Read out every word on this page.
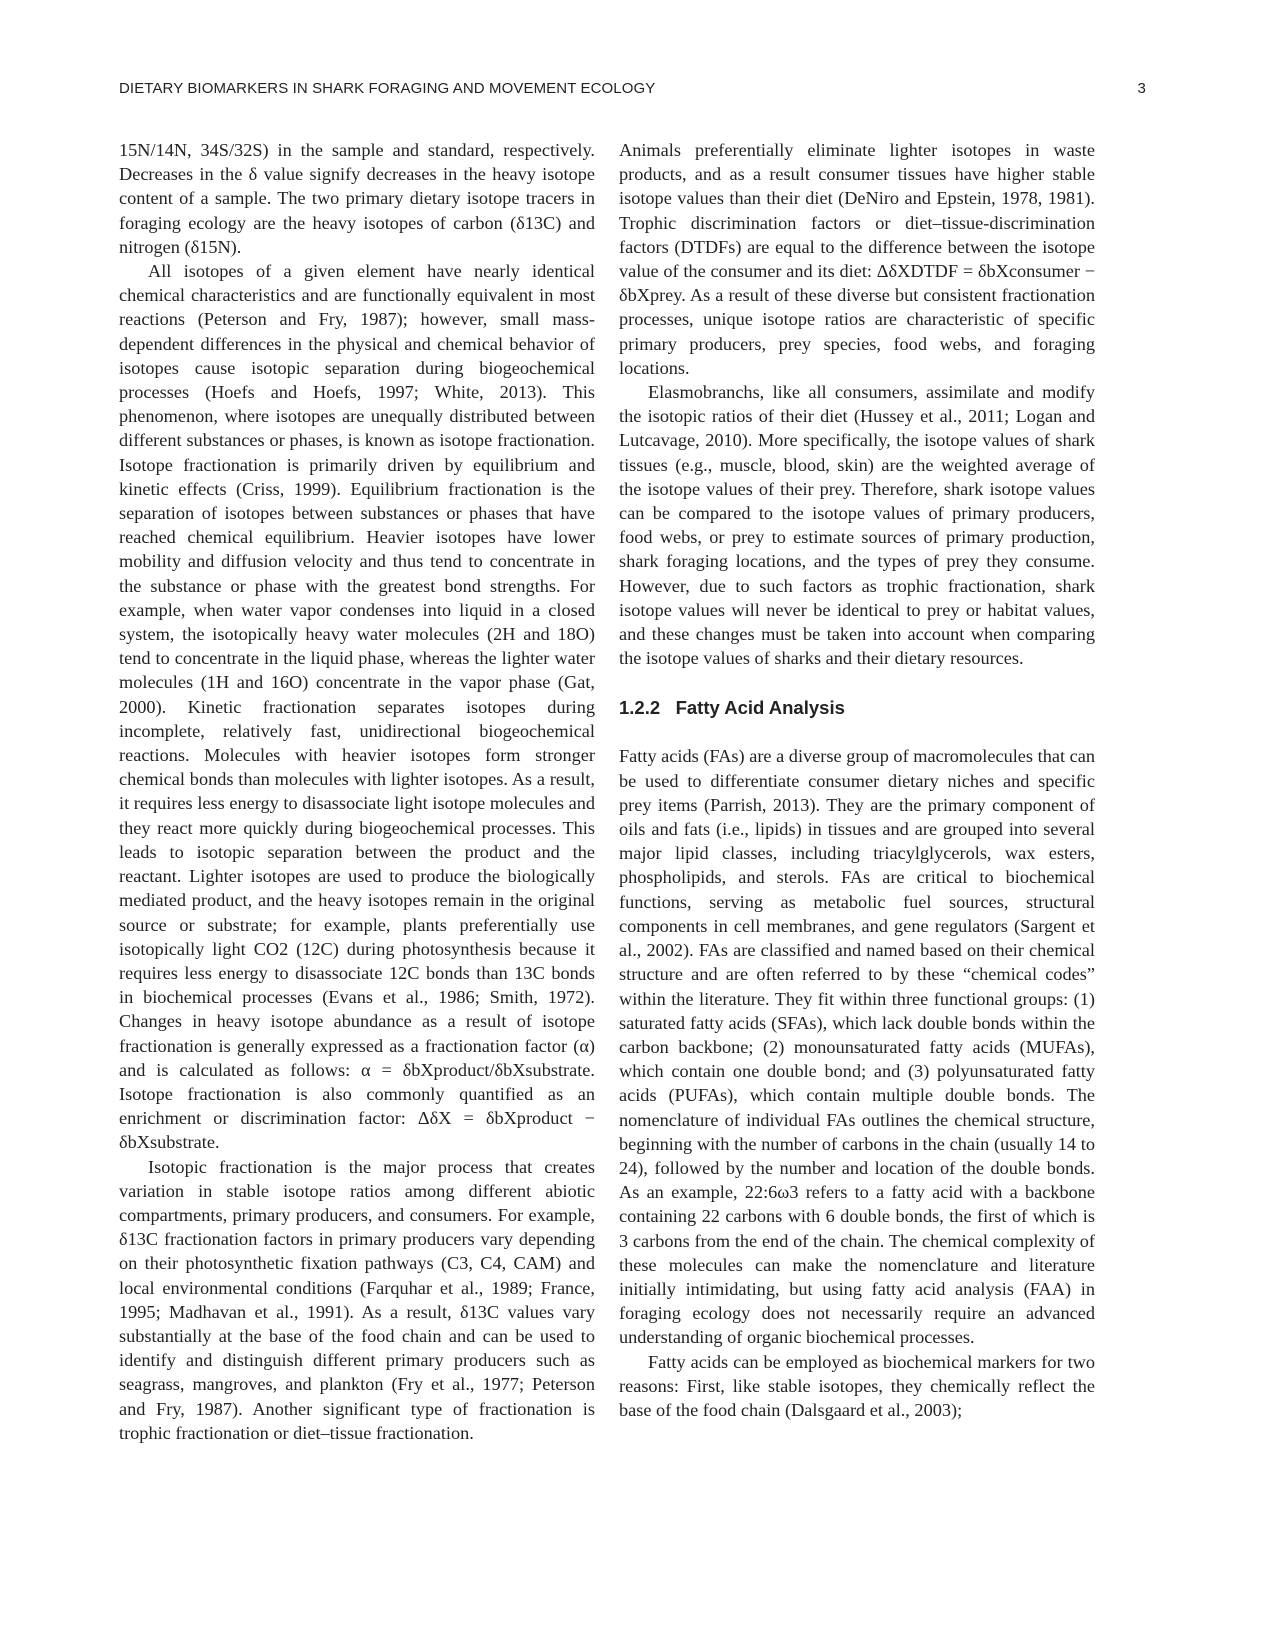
DIETARY BIOMARKERS IN SHARK FORAGING AND MOVEMENT ECOLOGY	3

15N/14N, 34S/32S) in the sample and standard, respectively. Decreases in the δ value signify decreases in the heavy isotope content of a sample. The two primary dietary isotope tracers in foraging ecology are the heavy isotopes of carbon (δ13C) and nitrogen (δ15N).

All isotopes of a given element have nearly identical chemical characteristics and are functionally equivalent in most reactions (Peterson and Fry, 1987); however, small mass-dependent differences in the physical and chemical behavior of isotopes cause isotopic separation during biogeochemical processes (Hoefs and Hoefs, 1997; White, 2013). This phenomenon, where isotopes are unequally distributed between different substances or phases, is known as isotope fractionation. Isotope fractionation is primarily driven by equilibrium and kinetic effects (Criss, 1999). Equilibrium fractionation is the separation of isotopes between substances or phases that have reached chemical equilibrium. Heavier isotopes have lower mobility and diffusion velocity and thus tend to concentrate in the substance or phase with the greatest bond strengths. For example, when water vapor condenses into liquid in a closed system, the isotopically heavy water molecules (2H and 18O) tend to concentrate in the liquid phase, whereas the lighter water molecules (1H and 16O) concentrate in the vapor phase (Gat, 2000). Kinetic fractionation separates isotopes during incomplete, relatively fast, unidirectional biogeochemical reactions. Molecules with heavier isotopes form stronger chemical bonds than molecules with lighter isotopes. As a result, it requires less energy to disassociate light isotope molecules and they react more quickly during biogeochemical processes. This leads to isotopic separation between the product and the reactant. Lighter isotopes are used to produce the biologically mediated product, and the heavy isotopes remain in the original source or substrate; for example, plants preferentially use isotopically light CO2 (12C) during photosynthesis because it requires less energy to disassociate 12C bonds than 13C bonds in biochemical processes (Evans et al., 1986; Smith, 1972). Changes in heavy isotope abundance as a result of isotope fractionation is generally expressed as a fractionation factor (α) and is calculated as follows: α = δbXproduct/δbXsubstrate. Isotope fractionation is also commonly quantified as an enrichment or discrimination factor: ΔδX = δbXproduct − δbXsubstrate.

Isotopic fractionation is the major process that creates variation in stable isotope ratios among different abiotic compartments, primary producers, and consumers. For example, δ13C fractionation factors in primary producers vary depending on their photosynthetic fixation pathways (C3, C4, CAM) and local environmental conditions (Farquhar et al., 1989; France, 1995; Madhavan et al., 1991). As a result, δ13C values vary substantially at the base of the food chain and can be used to identify and distinguish different primary producers such as seagrass, mangroves, and plankton (Fry et al., 1977; Peterson and Fry, 1987). Another significant type of fractionation is trophic fractionation or diet–tissue fractionation.

Animals preferentially eliminate lighter isotopes in waste products, and as a result consumer tissues have higher stable isotope values than their diet (DeNiro and Epstein, 1978, 1981). Trophic discrimination factors or diet–tissue-discrimination factors (DTDFs) are equal to the difference between the isotope value of the consumer and its diet: ΔδXDTDF = δbXconsumer − δbXprey. As a result of these diverse but consistent fractionation processes, unique isotope ratios are characteristic of specific primary producers, prey species, food webs, and foraging locations.

Elasmobranchs, like all consumers, assimilate and modify the isotopic ratios of their diet (Hussey et al., 2011; Logan and Lutcavage, 2010). More specifically, the isotope values of shark tissues (e.g., muscle, blood, skin) are the weighted average of the isotope values of their prey. Therefore, shark isotope values can be compared to the isotope values of primary producers, food webs, or prey to estimate sources of primary production, shark foraging locations, and the types of prey they consume. However, due to such factors as trophic fractionation, shark isotope values will never be identical to prey or habitat values, and these changes must be taken into account when comparing the isotope values of sharks and their dietary resources.

1.2.2 Fatty Acid Analysis

Fatty acids (FAs) are a diverse group of macromolecules that can be used to differentiate consumer dietary niches and specific prey items (Parrish, 2013). They are the primary component of oils and fats (i.e., lipids) in tissues and are grouped into several major lipid classes, including triacylglycerols, wax esters, phospholipids, and sterols. FAs are critical to biochemical functions, serving as metabolic fuel sources, structural components in cell membranes, and gene regulators (Sargent et al., 2002). FAs are classified and named based on their chemical structure and are often referred to by these “chemical codes” within the literature. They fit within three functional groups: (1) saturated fatty acids (SFAs), which lack double bonds within the carbon backbone; (2) monounsaturated fatty acids (MUFAs), which contain one double bond; and (3) polyunsaturated fatty acids (PUFAs), which contain multiple double bonds. The nomenclature of individual FAs outlines the chemical structure, beginning with the number of carbons in the chain (usually 14 to 24), followed by the number and location of the double bonds. As an example, 22:6ω3 refers to a fatty acid with a backbone containing 22 carbons with 6 double bonds, the first of which is 3 carbons from the end of the chain. The chemical complexity of these molecules can make the nomenclature and literature initially intimidating, but using fatty acid analysis (FAA) in foraging ecology does not necessarily require an advanced understanding of organic biochemical processes.

Fatty acids can be employed as biochemical markers for two reasons: First, like stable isotopes, they chemically reflect the base of the food chain (Dalsgaard et al., 2003);
